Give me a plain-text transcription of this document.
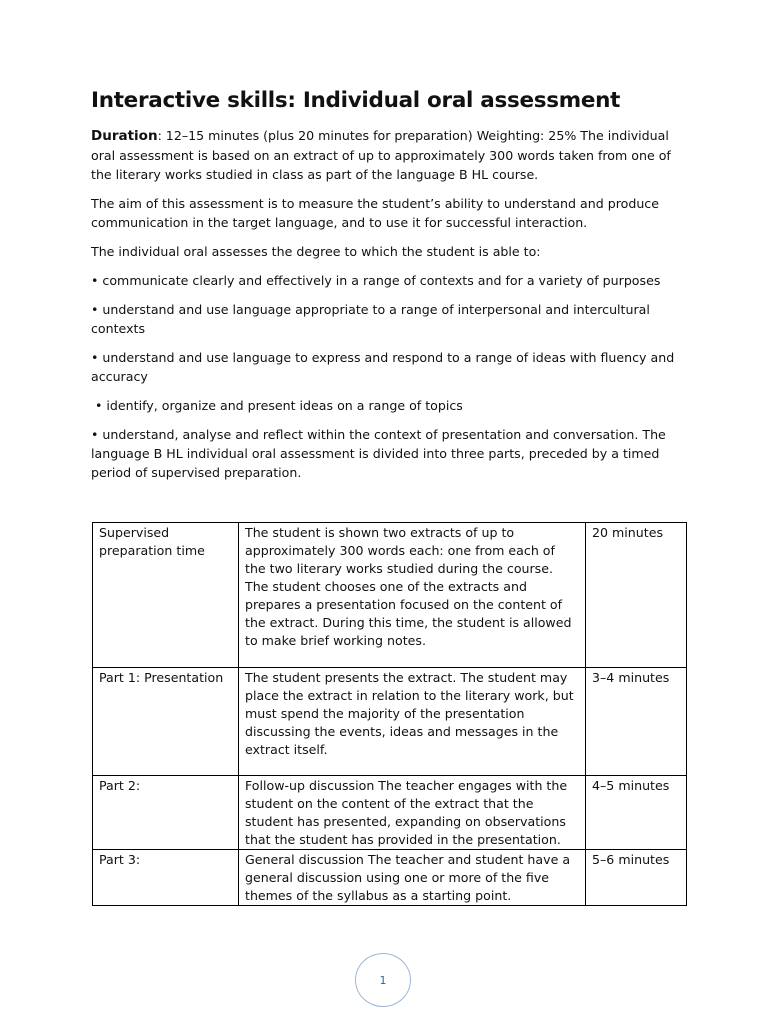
Interactive skills: Individual oral assessment

Duration: 12–15 minutes (plus 20 minutes for preparation) Weighting: 25% The individual oral assessment is based on an extract of up to approximately 300 words taken from one of the literary works studied in class as part of the language B HL course.

The aim of this assessment is to measure the student’s ability to understand and produce communication in the target language, and to use it for successful interaction.

The individual oral assesses the degree to which the student is able to:

• communicate clearly and effectively in a range of contexts and for a variety of purposes

• understand and use language appropriate to a range of interpersonal and intercultural contexts

• understand and use language to express and respond to a range of ideas with fluency and accuracy

• identify, organize and present ideas on a range of topics

• understand, analyse and reflect within the context of presentation and conversation. The language B HL individual oral assessment is divided into three parts, preceded by a timed period of supervised preparation.

Supervised preparation time	The student is shown two extracts of up to approximately 300 words each: one from each of the two literary works studied during the course. The student chooses one of the extracts and prepares a presentation focused on the content of the extract. During this time, the student is allowed to make brief working notes.	20 minutes
Part 1: Presentation	The student presents the extract. The student may place the extract in relation to the literary work, but must spend the majority of the presentation discussing the events, ideas and messages in the extract itself.	3–4 minutes
Part 2:	Follow-up discussion The teacher engages with the student on the content of the extract that the student has presented, expanding on observations that the student has provided in the presentation.	4–5 minutes
Part 3:	General discussion The teacher and student have a general discussion using one or more of the five themes of the syllabus as a starting point.	5–6 minutes
1
